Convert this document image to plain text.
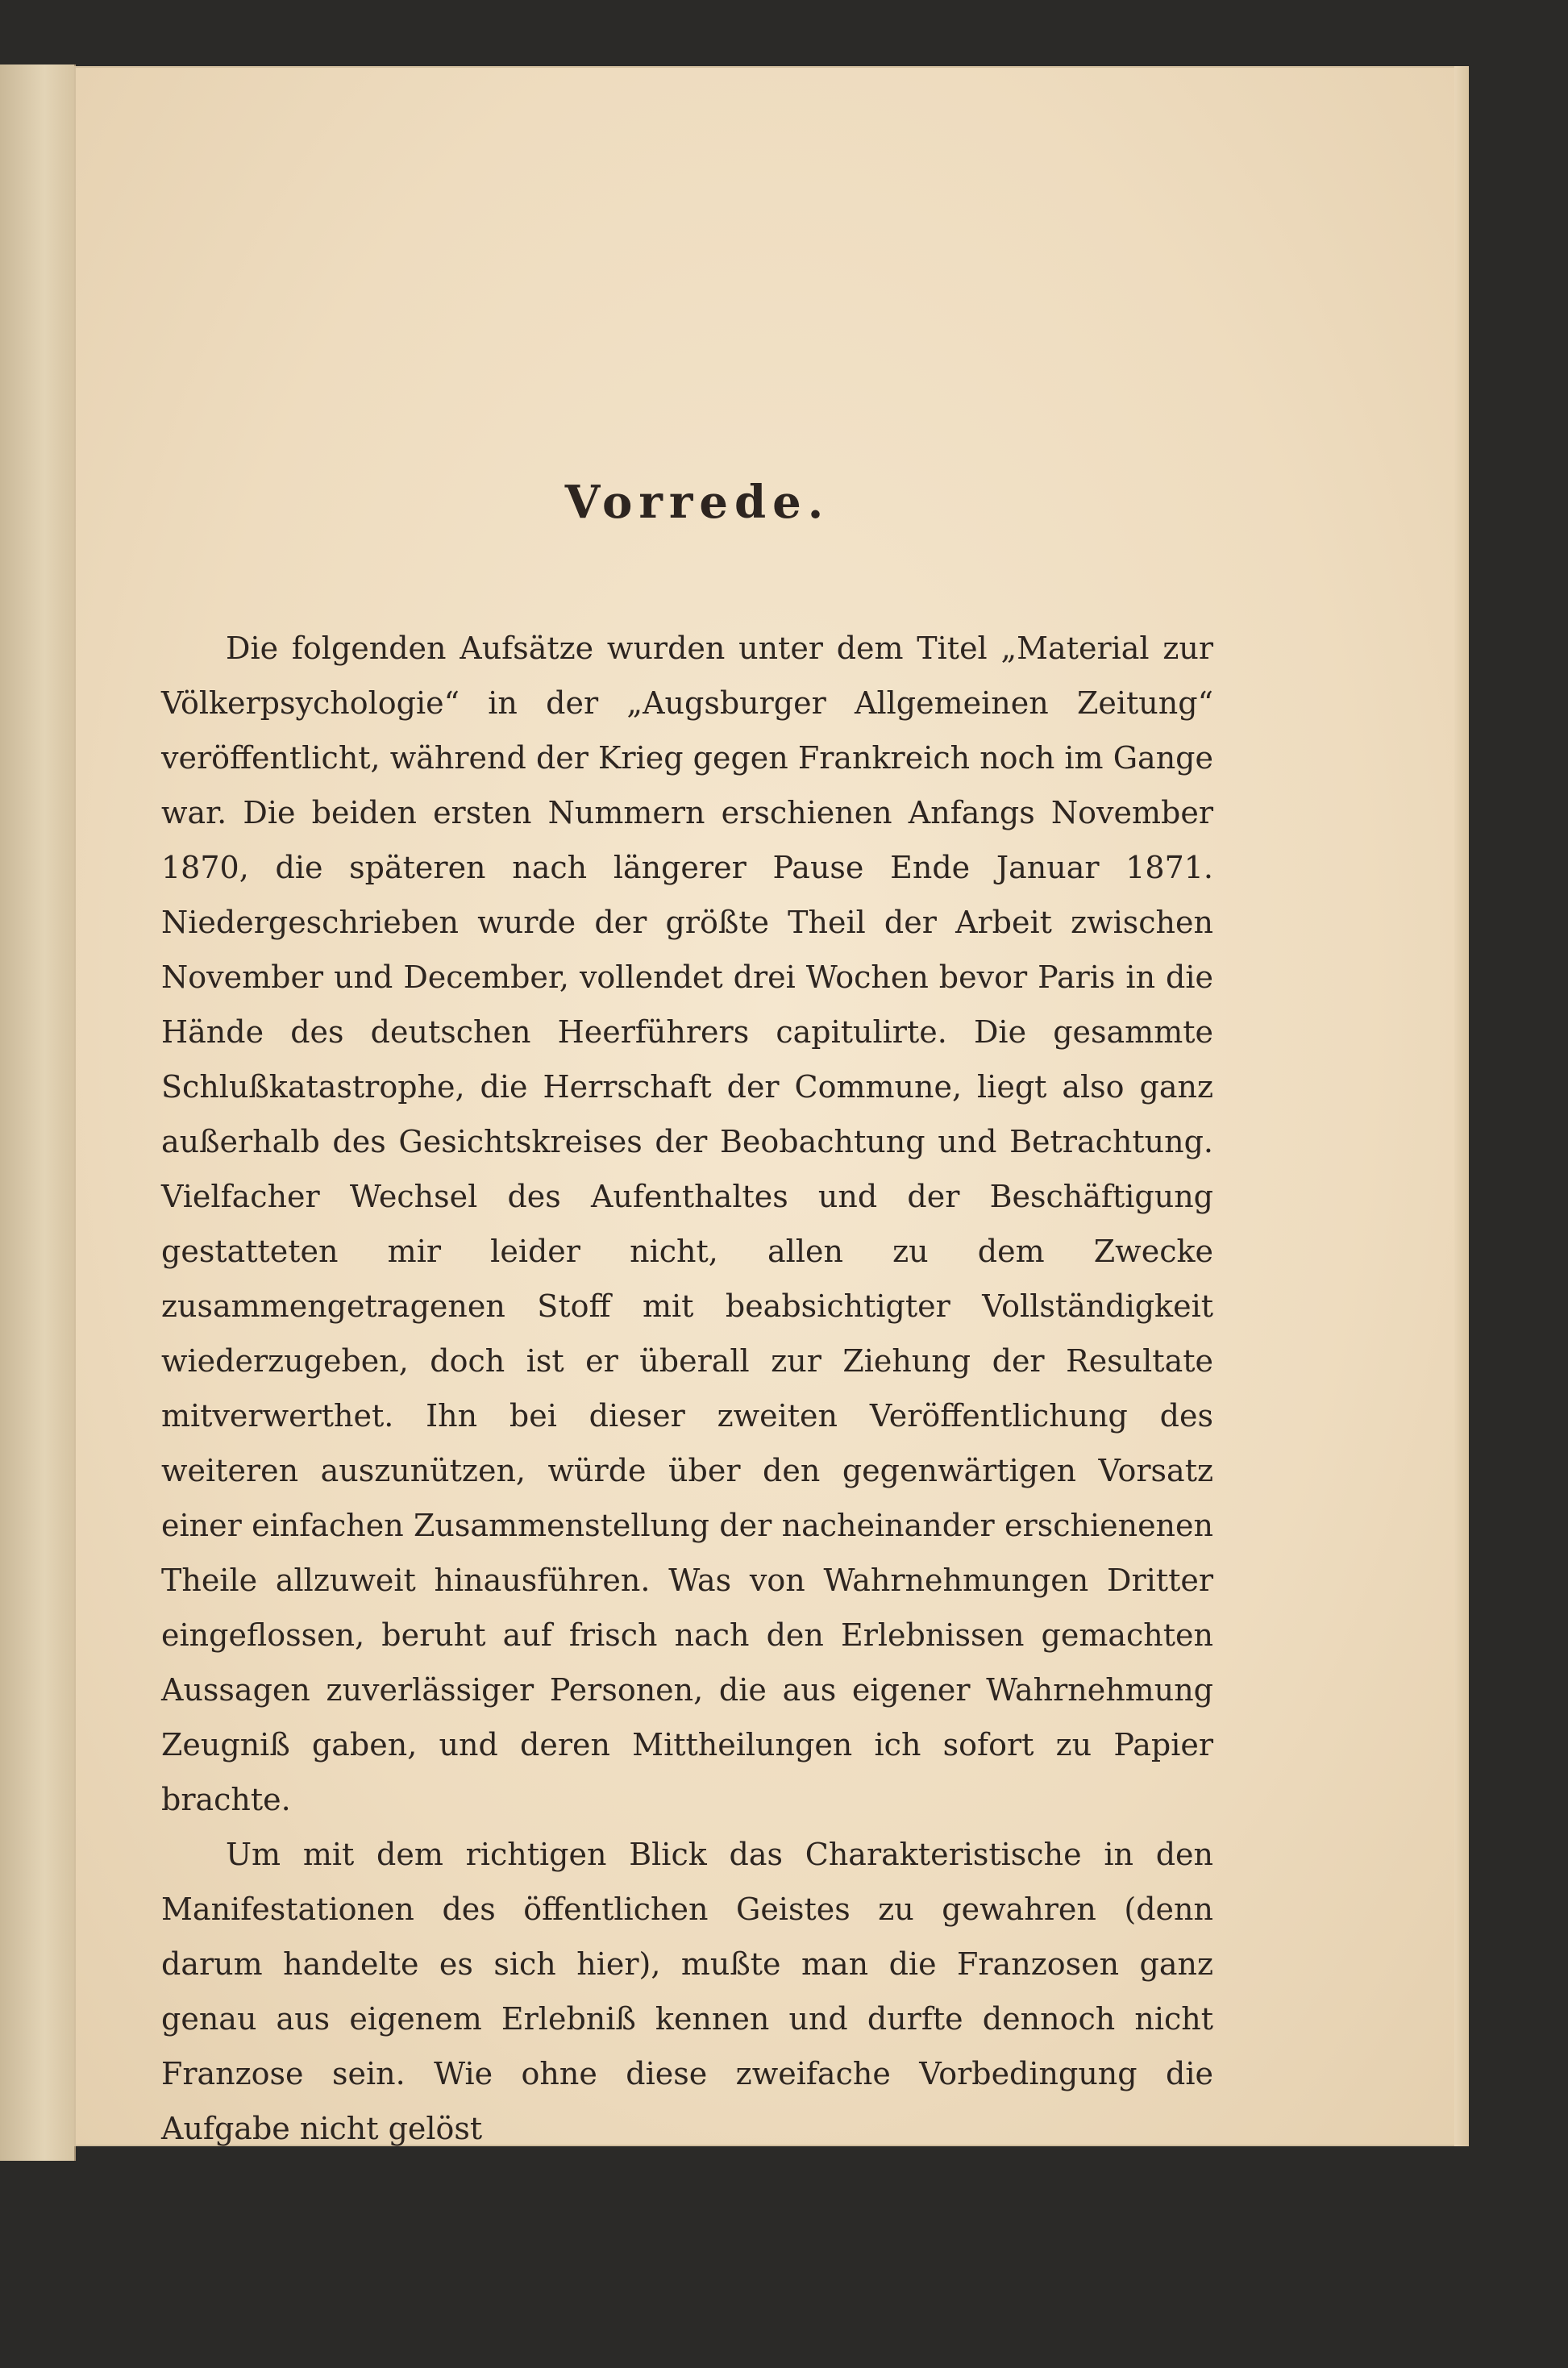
Vorrede.

Die folgenden Aufsätze wurden unter dem Titel „Material zur Völkerpsychologie“ in der „Augsburger Allgemeinen Zeitung“ veröffentlicht, während der Krieg gegen Frankreich noch im Gange war. Die beiden ersten Nummern erschienen Anfangs November 1870, die späteren nach längerer Pause Ende Januar 1871. Niedergeschrieben wurde der größte Theil der Arbeit zwischen November und December, vollendet drei Wochen bevor Paris in die Hände des deutschen Heerführers capitulirte. Die gesammte Schlußkatastrophe, die Herrschaft der Commune, liegt also ganz außerhalb des Gesichtskreises der Beobachtung und Betrachtung. Vielfacher Wechsel des Aufenthaltes und der Beschäftigung gestatteten mir leider nicht, allen zu dem Zwecke zusammengetragenen Stoff mit beabsichtigter Vollständigkeit wiederzugeben, doch ist er überall zur Ziehung der Resultate mitverwerthet. Ihn bei dieser zweiten Veröffentlichung des weiteren auszunützen, würde über den gegenwärtigen Vorsatz einer einfachen Zusammenstellung der nacheinander erschienenen Theile allzuweit hinausführen. Was von Wahrnehmungen Dritter eingeflossen, beruht auf frisch nach den Erlebnissen gemachten Aussagen zuverlässiger Personen, die aus eigener Wahrnehmung Zeugniß gaben, und deren Mittheilungen ich sofort zu Papier brachte.

Um mit dem richtigen Blick das Charakteristische in den Manifestationen des öffentlichen Geistes zu gewahren (denn darum handelte es sich hier), mußte man die Franzosen ganz genau aus eigenem Erlebniß kennen und durfte dennoch nicht Franzose sein. Wie ohne diese zweifache Vorbedingung die Aufgabe nicht gelöst
